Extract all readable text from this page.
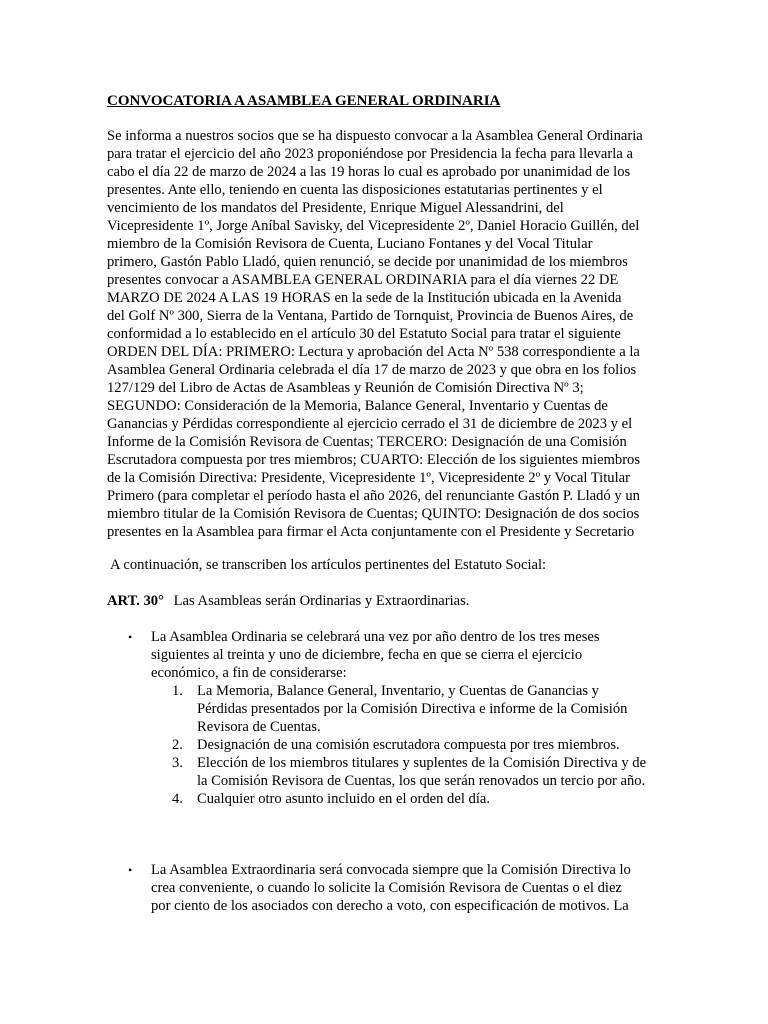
CONVOCATORIA A ASAMBLEA GENERAL ORDINARIA

Se informa a nuestros socios que se ha dispuesto convocar a la Asamblea General Ordinaria
para tratar el ejercicio del año 2023 proponiéndose por Presidencia la fecha para llevarla a
cabo el día 22 de marzo de 2024 a las 19 horas lo cual es aprobado por unanimidad de los
presentes. Ante ello, teniendo en cuenta las disposiciones estatutarias pertinentes y el
vencimiento de los mandatos del Presidente, Enrique Miguel Alessandrini, del
Vicepresidente 1º, Jorge Aníbal Savisky, del Vicepresidente 2º, Daniel Horacio Guillén, del
miembro de la Comisión Revisora de Cuenta, Luciano Fontanes y del Vocal Titular
primero, Gastón Pablo Lladó, quien renunció, se decide por unanimidad de los miembros
presentes convocar a ASAMBLEA GENERAL ORDINARIA para el día viernes 22 DE
MARZO DE 2024 A LAS 19 HORAS en la sede de la Institución ubicada en la Avenida
del Golf Nº 300, Sierra de la Ventana, Partido de Tornquist, Provincia de Buenos Aires, de
conformidad a lo establecido en el artículo 30 del Estatuto Social para tratar el siguiente
ORDEN DEL DÍA: PRIMERO: Lectura y aprobación del Acta Nº 538 correspondiente a la
Asamblea General Ordinaria celebrada el día 17 de marzo de 2023 y que obra en los folios
127/129 del Libro de Actas de Asambleas y Reunión de Comisión Directiva Nº 3;
SEGUNDO: Consideración de la Memoria, Balance General, Inventario y Cuentas de
Ganancias y Pérdidas correspondiente al ejercicio cerrado el 31 de diciembre de 2023 y el
Informe de la Comisión Revisora de Cuentas; TERCERO: Designación de una Comisión
Escrutadora compuesta por tres miembros; CUARTO: Elección de los siguientes miembros
de la Comisión Directiva: Presidente, Vicepresidente 1º, Vicepresidente 2º y Vocal Titular
Primero (para completar el período hasta el año 2026, del renunciante Gastón P. Lladó y un
miembro titular de la Comisión Revisora de Cuentas; QUINTO: Designación de dos socios
presentes en la Asamblea para firmar el Acta conjuntamente con el Presidente y Secretario

A continuación, se transcriben los artículos pertinentes del Estatuto Social:

ART. 30° Las Asambleas serán Ordinarias y Extraordinarias.

• La Asamblea Ordinaria se celebrará una vez por año dentro de los tres meses
siguientes al treinta y uno de diciembre, fecha en que se cierra el ejercicio
económico, a fin de considerarse:
1. La Memoria, Balance General, Inventario, y Cuentas de Ganancias y
Pérdidas presentados por la Comisión Directiva e informe de la Comisión
Revisora de Cuentas.
2. Designación de una comisión escrutadora compuesta por tres miembros.
3. Elección de los miembros titulares y suplentes de la Comisión Directiva y de
la Comisión Revisora de Cuentas, los que serán renovados un tercio por año.
4. Cualquier otro asunto incluido en el orden del día.
• La Asamblea Extraordinaria será convocada siempre que la Comisión Directiva lo
crea conveniente, o cuando lo solicite la Comisión Revisora de Cuentas o el diez
por ciento de los asociados con derecho a voto, con especificación de motivos. La
